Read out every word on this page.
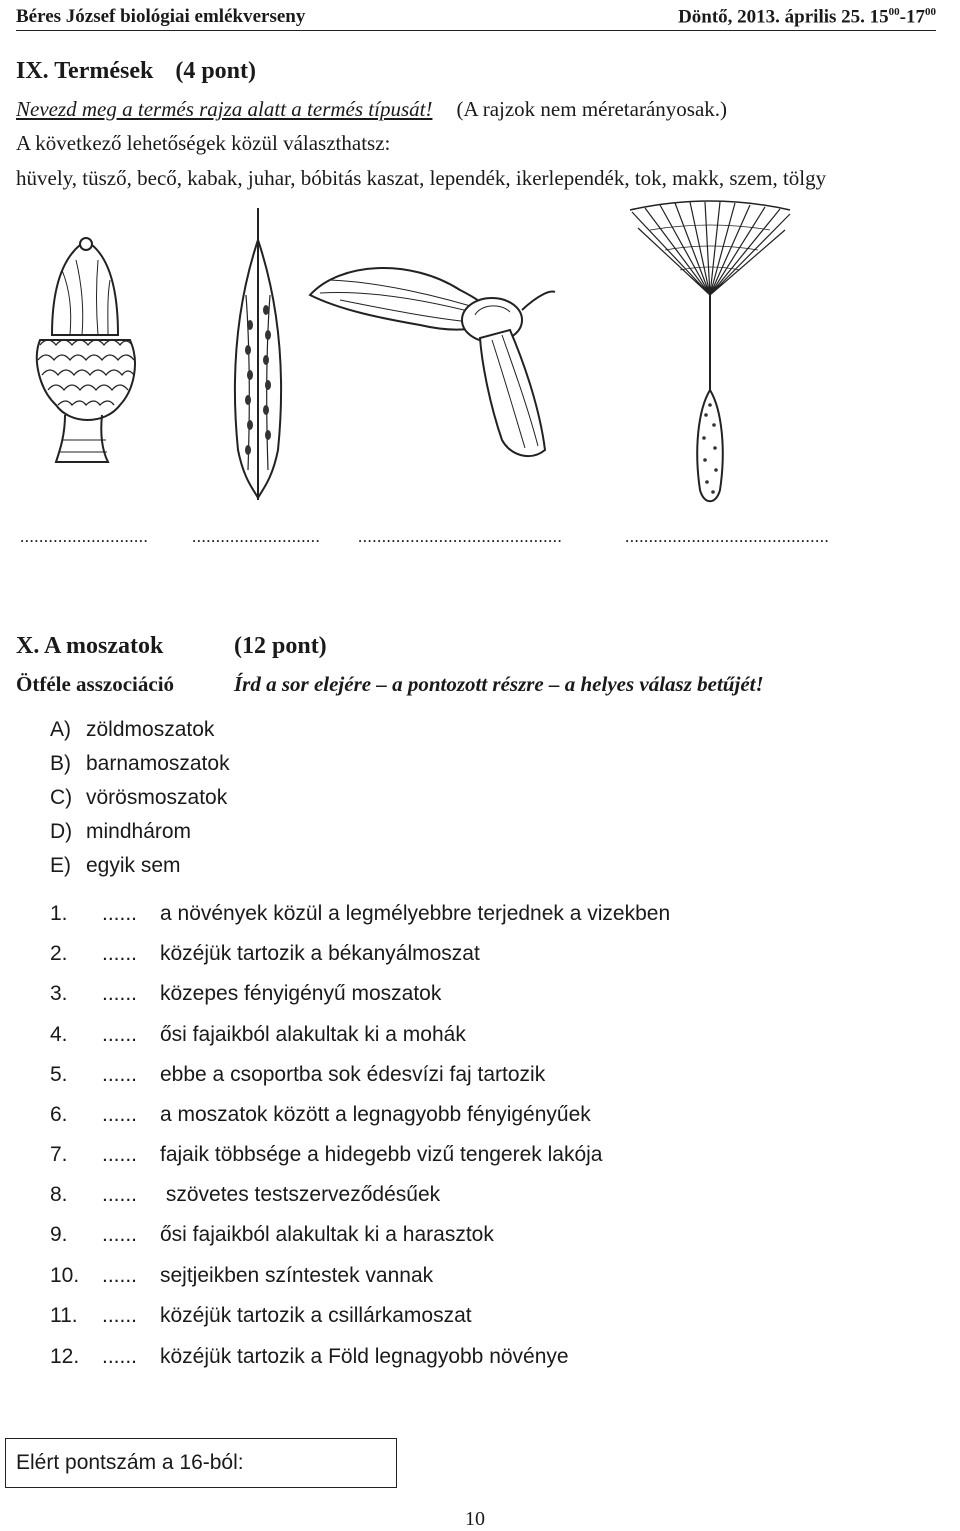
Béres József biológiai emlékverseny	Döntő, 2013. április 25. $15^{00}-17^{00}$
IX. Termések (4 pont)
Nevezd meg a termés rajza alatt a termés típusát! (A rajzok nem méretarányosak.)
A következő lehetőségek közül választhatsz:
hüvely, tüsző, becő, kabak, juhar, bóbitás kaszat, lependék, ikerlependék, tok, makk, szem, tölgy
...........................	........................... ...........................................	...........................................
X. A moszatok	(12 pont)
Ötféle asszociáció	Írd a sor elejére – a pontozott részre – a helyes válasz betűjét!
A) zöldmoszatok
B) barnamoszatok
C) vörösmoszatok
D) mindhárom
E) egyik sem
1. ...... a növények közül a legmélyebbre terjednek a vizekben
2. ...... közéjük tartozik a békanyálmoszat
3. ...... közepes fényigényű moszatok
4. ...... ősi fajaikból alakultak ki a mohák
5. ...... ebbe a csoportba sok édesvízi faj tartozik
6. ...... a moszatok között a legnagyobb fényigényűek
7. ...... fajaik többsége a hidegebb vizű tengerek lakója
8. ...... szövetes testszerveződésűek
9. ...... ősi fajaikból alakultak ki a harasztok
10. ...... sejtjeikben színtestek vannak
11. ...... közéjük tartozik a csillárkamoszat
12. ...... közéjük tartozik a Föld legnagyobb növénye
Elért pontszám a 16-ból:
10
